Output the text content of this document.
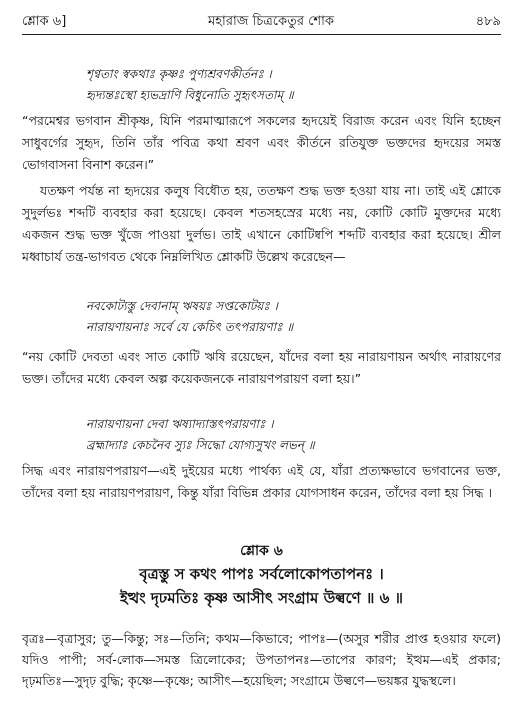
শ্লোক ৬]	মহারাজ চিত্রকেতুর শোক	৪৮৯
শৃণ্বতাং স্বকথাঃ কৃষ্ণঃ পুণ্যশ্রবণকীর্তনঃ ।
হৃদ্যন্তঃস্থো হ্যভদ্রাণি বিধুনোতি সুহৃৎসতাম্ ॥
“পরমেশ্বর ভগবান শ্রীকৃষ্ণ, যিনি পরমাত্মারূপে সকলের হৃদয়েই বিরাজ করেন এবং যিনি হচ্ছেন সাধুবর্গের সুহৃদ, তিনি তাঁর পবিত্র কথা শ্রবণ এবং কীর্তনে রতিযুক্ত ভক্তদের হৃদয়ের সমস্ত ভোগবাসনা বিনাশ করেন।”
যতক্ষণ পর্যন্ত না হৃদয়ের কলুষ বিধৌত হয়, ততক্ষণ শুদ্ধ ভক্ত হওয়া যায় না। তাই এই শ্লোকে সুদুর্লভঃ শব্দটি ব্যবহার করা হয়েছে। কেবল শতসহস্রের মধ্যে নয়, কোটি কোটি মুক্তদের মধ্যে একজন শুদ্ধ ভক্ত খুঁজে পাওয়া দুর্লভ। তাই এখানে কোটিষ্বপি শব্দটি ব্যবহার করা হয়েছে। শ্রীল মধ্বাচার্য তন্ত্র-ভাগবত থেকে নিম্নলিখিত শ্লোকটি উল্লেখ করেছেন—
নবকোট্যস্তু দেবানাম্ ঋষয়ঃ সপ্তকোটয়ঃ ।
নারায়ণায়নাঃ সর্বে যে কেচিৎ তৎপরায়ণাঃ ॥
“নয় কোটি দেবতা এবং সাত কোটি ঋষি রয়েছেন, যাঁদের বলা হয় নারায়ণায়ন অর্থাৎ নারায়ণের ভক্ত। তাঁদের মধ্যে কেবল অল্প কয়েকজনকে নারায়ণপরায়ণ বলা হয়।”
নারায়ণায়না দেবা ঋষ্যাদ্যাস্তৎপরায়ণাঃ ।
ব্রহ্মাদ্যাঃ কেচনৈব স্যুঃ সিদ্ধো যোগ্যসুখং লভন্ ॥
সিদ্ধ এবং নারায়ণপরায়ণ—এই দুইয়ের মধ্যে পার্থক্য এই যে, যাঁরা প্রত্যক্ষভাবে ভগবানের ভক্ত, তাঁদের বলা হয় নারায়ণপরায়ণ, কিন্তু যাঁরা বিভিন্ন প্রকার যোগসাধন করেন, তাঁদের বলা হয় সিদ্ধ ।
শ্লোক ৬
বৃত্রস্তু স কথং পাপঃ সর্বলোকোপতাপনঃ ।
ইত্থং দৃঢমতিঃ কৃষ্ণ আসীৎ সংগ্রাম উল্বণে ॥ ৬ ॥
বৃত্রঃ—বৃত্রাসুর; তু—কিন্তু; সঃ—তিনি; কথম—কিভাবে; পাপঃ—(অসুর শরীর প্রাপ্ত হওয়ার ফলে) যদিও পাপী; সর্ব-লোক—সমস্ত ত্রিলোকের; উপতাপনঃ—তাপের কারণ; ইত্থম—এই প্রকার; দৃঢ়মতিঃ—সুদৃঢ় বুদ্ধি; কৃষ্ণে—কৃষ্ণে; আসীৎ—হয়েছিল; সংগ্রামে উল্বণে—ভয়ঙ্কর যুদ্ধস্থলে।
